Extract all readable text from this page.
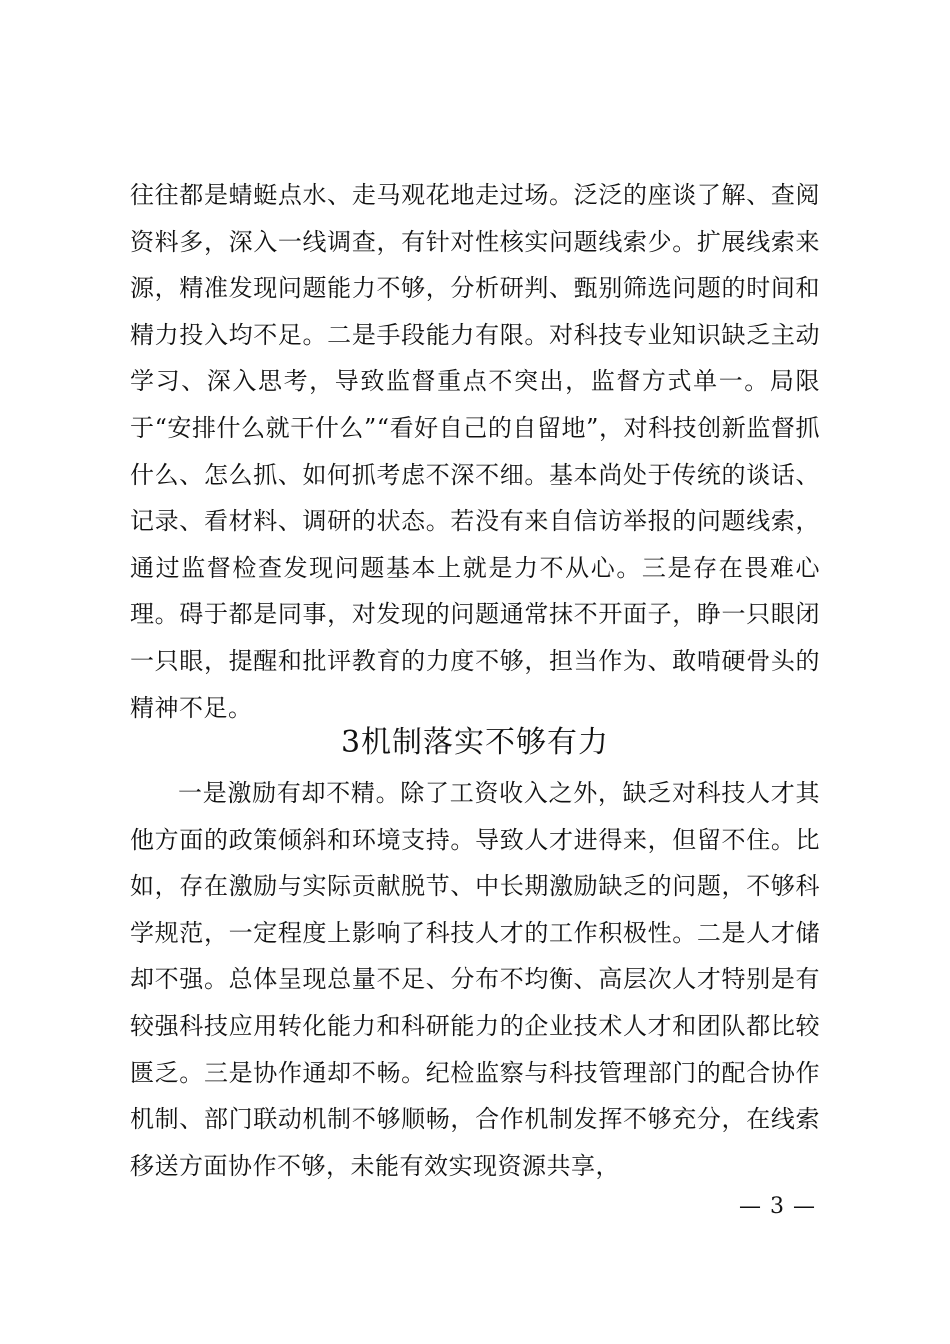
往往都是蜻蜓点水、走马观花地走过场。泛泛的座谈了解、查阅资料多，深入一线调查，有针对性核实问题线索少。扩展线索来源，精准发现问题能力不够，分析研判、甄别筛选问题的时间和精力投入均不足。二是手段能力有限。对科技专业知识缺乏主动学习、深入思考，导致监督重点不突出，监督方式单一。局限于“安排什么就干什么”“看好自己的自留地”，对科技创新监督抓什么、怎么抓、如何抓考虑不深不细。基本尚处于传统的谈话、记录、看材料、调研的状态。若没有来自信访举报的问题线索，通过监督检查发现问题基本上就是力不从心。三是存在畏难心理。碍于都是同事，对发现的问题通常抹不开面子，睁一只眼闭一只眼，提醒和批评教育的力度不够，担当作为、敢啃硬骨头的精神不足。

3机制落实不够有力

一是激励有却不精。除了工资收入之外，缺乏对科技人才其他方面的政策倾斜和环境支持。导致人才进得来，但留不住。比如，存在激励与实际贡献脱节、中长期激励缺乏的问题，不够科学规范，一定程度上影响了科技人才的工作积极性。二是人才储却不强。总体呈现总量不足、分布不均衡、高层次人才特别是有较强科技应用转化能力和科研能力的企业技术人才和团队都比较匮乏。三是协作通却不畅。纪检监察与科技管理部门的配合协作机制、部门联动机制不够顺畅，合作机制发挥不够充分，在线索移送方面协作不够，未能有效实现资源共享，

— 3 —
